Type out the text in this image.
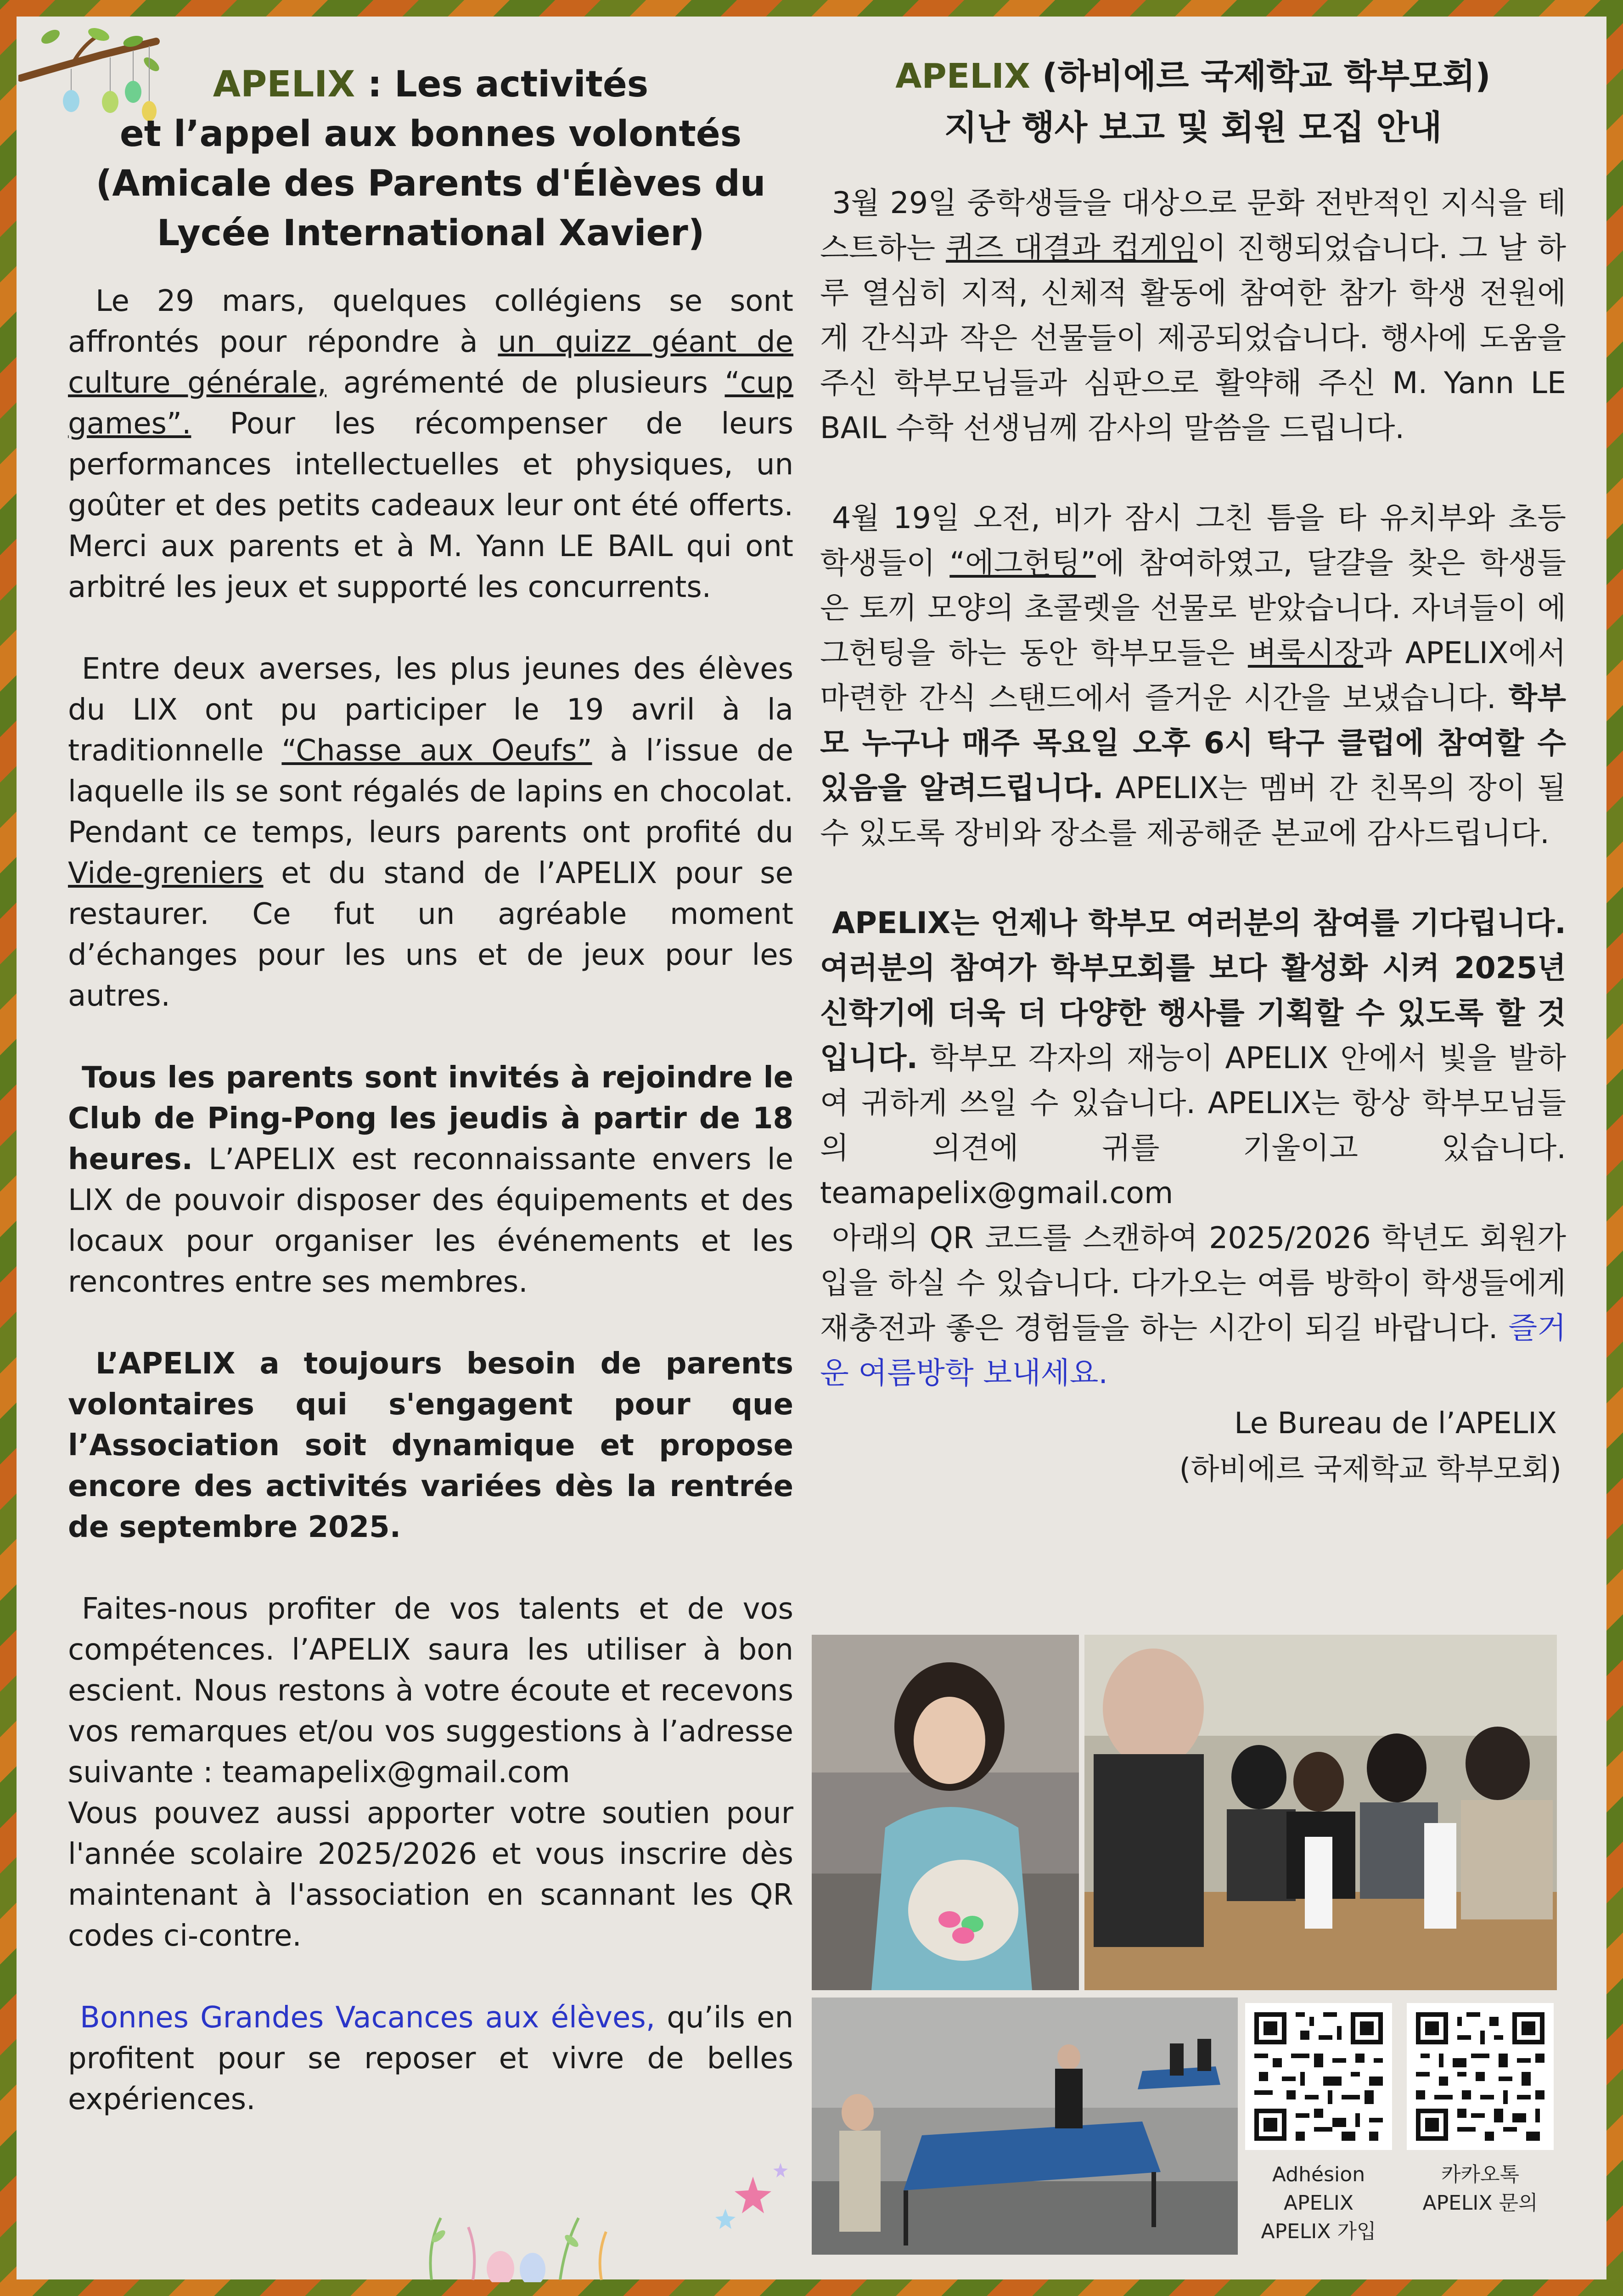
APELIX : Les activités
et l’appel aux bonnes volontés
(Amicale des Parents d'Élèves du
Lycée International Xavier)

Le 29 mars, quelques collégiens se sont affrontés pour répondre à un quizz géant de culture générale, agrémenté de plusieurs “cup games”. Pour les récompenser de leurs performances intellectuelles et physiques, un goûter et des petits cadeaux leur ont été offerts. Merci aux parents et à M. Yann LE BAIL qui ont arbitré les jeux et supporté les concurrents.

Entre deux averses, les plus jeunes des élèves du LIX ont pu participer le 19 avril à la traditionnelle “Chasse aux Oeufs” à l’issue de laquelle ils se sont régalés de lapins en chocolat. Pendant ce temps, leurs parents ont profité du Vide-greniers et du stand de l’APELIX pour se restaurer. Ce fut un agréable moment d’échanges pour les uns et de jeux pour les autres.

Tous les parents sont invités à rejoindre le Club de Ping-Pong les jeudis à partir de 18 heures. L’APELIX est reconnaissante envers le LIX de pouvoir disposer des équipements et des locaux pour organiser les événements et les rencontres entre ses membres.

L’APELIX a toujours besoin de parents volontaires qui s'engagent pour que l’Association soit dynamique et propose encore des activités variées dès la rentrée de septembre 2025.

Faites-nous profiter de vos talents et de vos compétences. l’APELIX saura les utiliser à bon escient. Nous restons à votre écoute et recevons vos remarques et/ou vos suggestions à l’adresse suivante : teamapelix@gmail.com

Vous pouvez aussi apporter votre soutien pour l'année scolaire 2025/2026 et vous inscrire dès maintenant à l'association en scannant les QR codes ci-contre.

Bonnes Grandes Vacances aux élèves, qu’ils en profitent pour se reposer et vivre de belles expériences.

APELIX (하비에르 국제학교 학부모회)
지난 행사 보고 및 회원 모집 안내

3월 29일 중학생들을 대상으로 문화 전반적인 지식을 테스트하는 퀴즈 대결과 컵게임이 진행되었습니다. 그 날 하루 열심히 지적, 신체적 활동에 참여한 참가 학생 전원에게 간식과 작은 선물들이 제공되었습니다. 행사에 도움을 주신 학부모님들과 심판으로 활약해 주신 M. Yann LE BAIL 수학 선생님께 감사의 말씀을 드립니다.

4월 19일 오전, 비가 잠시 그친 틈을 타 유치부와 초등 학생들이 “에그헌팅”에 참여하였고, 달걀을 찾은 학생들은 토끼 모양의 초콜렛을 선물로 받았습니다. 자녀들이 에그헌팅을 하는 동안 학부모들은 벼룩시장과 APELIX에서 마련한 간식 스탠드에서 즐거운 시간을 보냈습니다. 학부모 누구나 매주 목요일 오후 6시 탁구 클럽에 참여할 수 있음을 알려드립니다. APELIX는 멤버 간 친목의 장이 될 수 있도록 장비와 장소를 제공해준 본교에 감사드립니다.

APELIX는 언제나 학부모 여러분의 참여를 기다립니다. 여러분의 참여가 학부모회를 보다 활성화 시켜 2025년 신학기에 더욱 더 다양한 행사를 기획할 수 있도록 할 것입니다. 학부모 각자의 재능이 APELIX 안에서 빛을 발하여 귀하게 쓰일 수 있습니다. APELIX는 항상 학부모님들의 의견에 귀를 기울이고 있습니다. teamapelix@gmail.com

아래의 QR 코드를 스캔하여 2025/2026 학년도 회원가입을 하실 수 있습니다. 다가오는 여름 방학이 학생들에게 재충전과 좋은 경험들을 하는 시간이 되길 바랍니다. 즐거운 여름방학 보내세요.

Le Bureau de l’APELIX

(하비에르 국제학교 학부모회)

Adhésion
APELIX
APELIX 가입
카카오톡
APELIX 문의
